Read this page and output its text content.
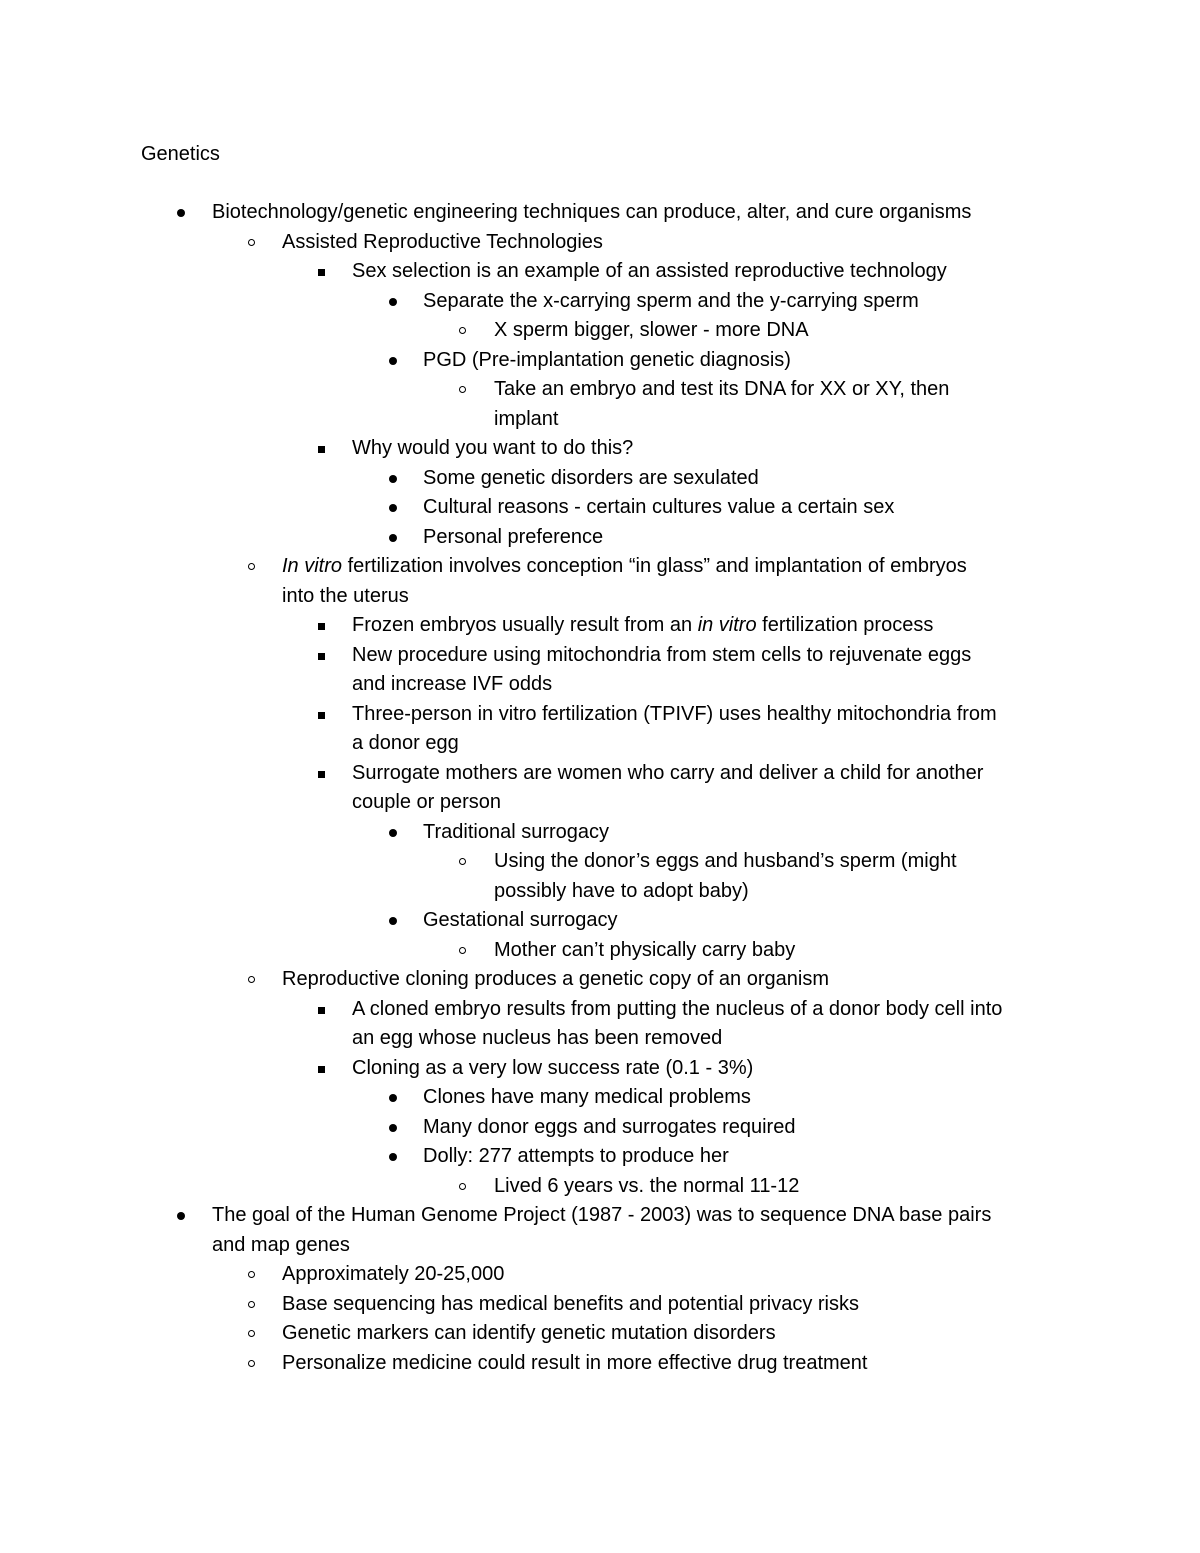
Genetics
Biotechnology/genetic engineering techniques can produce, alter, and cure organisms
Assisted Reproductive Technologies
Sex selection is an example of an assisted reproductive technology
Separate the x-carrying sperm and the y-carrying sperm
X sperm bigger, slower - more DNA
PGD (Pre-implantation genetic diagnosis)
Take an embryo and test its DNA for XX or XY, then
implant
Why would you want to do this?
Some genetic disorders are sexulated
Cultural reasons - certain cultures value a certain sex
Personal preference
In vitro fertilization involves conception “in glass” and implantation of embryos
into the uterus
Frozen embryos usually result from an in vitro fertilization process
New procedure using mitochondria from stem cells to rejuvenate eggs
and increase IVF odds
Three-person in vitro fertilization (TPIVF) uses healthy mitochondria from
a donor egg
Surrogate mothers are women who carry and deliver a child for another
couple or person
Traditional surrogacy
Using the donor’s eggs and husband’s sperm (might
possibly have to adopt baby)
Gestational surrogacy
Mother can’t physically carry baby
Reproductive cloning produces a genetic copy of an organism
A cloned embryo results from putting the nucleus of a donor body cell into
an egg whose nucleus has been removed
Cloning as a very low success rate (0.1 - 3%)
Clones have many medical problems
Many donor eggs and surrogates required
Dolly: 277 attempts to produce her
Lived 6 years vs. the normal 11-12
The goal of the Human Genome Project (1987 - 2003) was to sequence DNA base pairs
and map genes
Approximately 20-25,000
Base sequencing has medical benefits and potential privacy risks
Genetic markers can identify genetic mutation disorders
Personalize medicine could result in more effective drug treatment
